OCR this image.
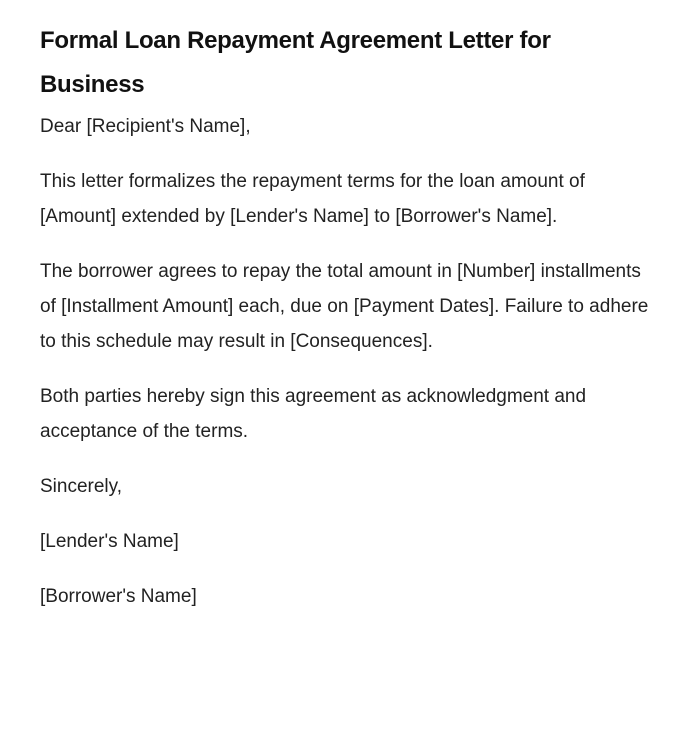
Formal Loan Repayment Agreement Letter for Business

Dear [Recipient's Name],

This letter formalizes the repayment terms for the loan amount of [Amount] extended by [Lender's Name] to [Borrower's Name].

The borrower agrees to repay the total amount in [Number] installments of [Installment Amount] each, due on [Payment Dates]. Failure to adhere to this schedule may result in [Consequences].

Both parties hereby sign this agreement as acknowledgment and acceptance of the terms.

Sincerely,

[Lender's Name]

[Borrower's Name]
